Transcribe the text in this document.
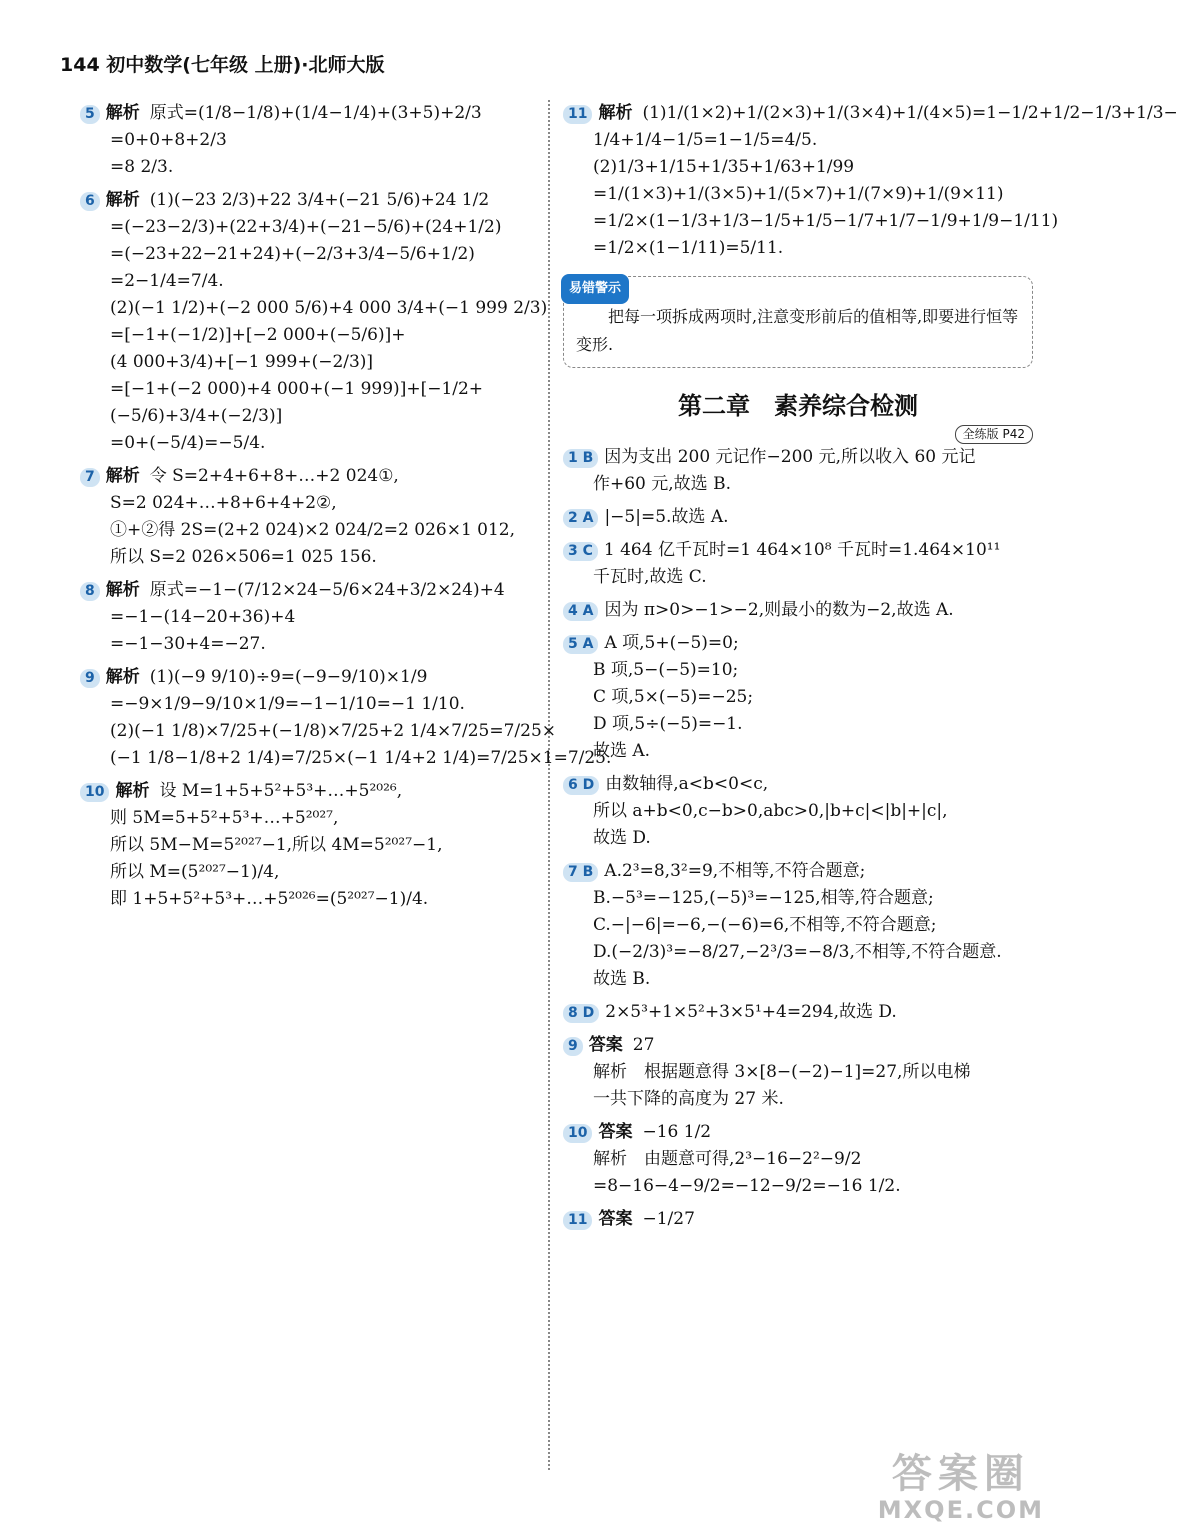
144 初中数学(七年级 上册)·北师大版
5 解析 原式=(1/8−1/8)+(1/4−1/4)+(3+5)+2/3
=0+0+8+2/3
=8 2/3.
6 解析 (1)(−23 2/3)+22 3/4+(−21 5/6)+24 1/2
=(−23−2/3)+(22+3/4)+(−21−5/6)+(24+1/2)
=(−23+22−21+24)+(−2/3+3/4−5/6+1/2)
=2−1/4=7/4.
(2)(−1 1/2)+(−2 000 5/6)+4 000 3/4+(−1 999 2/3)
=[−1+(−1/2)]+[−2 000+(−5/6)]+
(4 000+3/4)+[−1 999+(−2/3)]
=[−1+(−2 000)+4 000+(−1 999)]+[−1/2+
(−5/6)+3/4+(−2/3)]
=0+(−5/4)=−5/4.
7 解析 令 S=2+4+6+8+…+2 024①,
S=2 024+…+8+6+4+2②,
①+②得 2S=(2+2 024)×2 024/2=2 026×1 012,
所以 S=2 026×506=1 025 156.
8 解析 原式=−1−(7/12×24−5/6×24+3/2×24)+4
=−1−(14−20+36)+4
=−1−30+4=−27.
9 解析 (1)(−9 9/10)÷9=(−9−9/10)×1/9
=−9×1/9−9/10×1/9=−1−1/10=−1 1/10.
(2)(−1 1/8)×7/25+(−1/8)×7/25+2 1/4×7/25=7/25×
(−1 1/8−1/8+2 1/4)=7/25×(−1 1/4+2 1/4)=7/25×1=7/25.
10 解析 设 M=1+5+5²+5³+…+5²⁰²⁶,
则 5M=5+5²+5³+…+5²⁰²⁷,
所以 5M−M=5²⁰²⁷−1,所以 4M=5²⁰²⁷−1,
所以 M=(5²⁰²⁷−1)/4,
即 1+5+5²+5³+…+5²⁰²⁶=(5²⁰²⁷−1)/4.
11 解析 (1)1/(1×2)+1/(2×3)+1/(3×4)+1/(4×5)=1−1/2+1/2−1/3+1/3−
1/4+1/4−1/5=1−1/5=4/5.
(2)1/3+1/15+1/35+1/63+1/99
=1/(1×3)+1/(3×5)+1/(5×7)+1/(7×9)+1/(9×11)
=1/2×(1−1/3+1/3−1/5+1/5−1/7+1/7−1/9+1/9−1/11)
=1/2×(1−1/11)=5/11.
易错警示
把每一项拆成两项时,注意变形前后的值相等,即要进行恒等变形.
第二章　素养综合检测
全练版 P42
1 B 因为支出 200 元记作−200 元,所以收入 60 元记
作+60 元,故选 B.
2 A |−5|=5.故选 A.
3 C 1 464 亿千瓦时=1 464×10⁸ 千瓦时=1.464×10¹¹
千瓦时,故选 C.
4 A 因为 π>0>−1>−2,则最小的数为−2,故选 A.
5 A A 项,5+(−5)=0;
B 项,5−(−5)=10;
C 项,5×(−5)=−25;
D 项,5÷(−5)=−1.
故选 A.
6 D 由数轴得,a<b<0<c,
所以 a+b<0,c−b>0,abc>0,|b+c|<|b|+|c|,
故选 D.
7 B A.2³=8,3²=9,不相等,不符合题意;
B.−5³=−125,(−5)³=−125,相等,符合题意;
C.−|−6|=−6,−(−6)=6,不相等,不符合题意;
D.(−2/3)³=−8/27,−2³/3=−8/3,不相等,不符合题意.
故选 B.
8 D 2×5³+1×5²+3×5¹+4=294,故选 D.
9 答案 27
解析　根据题意得 3×[8−(−2)−1]=27,所以电梯
一共下降的高度为 27 米.
10 答案 −16 1/2
解析　由题意可得,2³−16−2²−9/2
=8−16−4−9/2=−12−9/2=−16 1/2.
11 答案 −1/27
答案圈
MXQE.COM
